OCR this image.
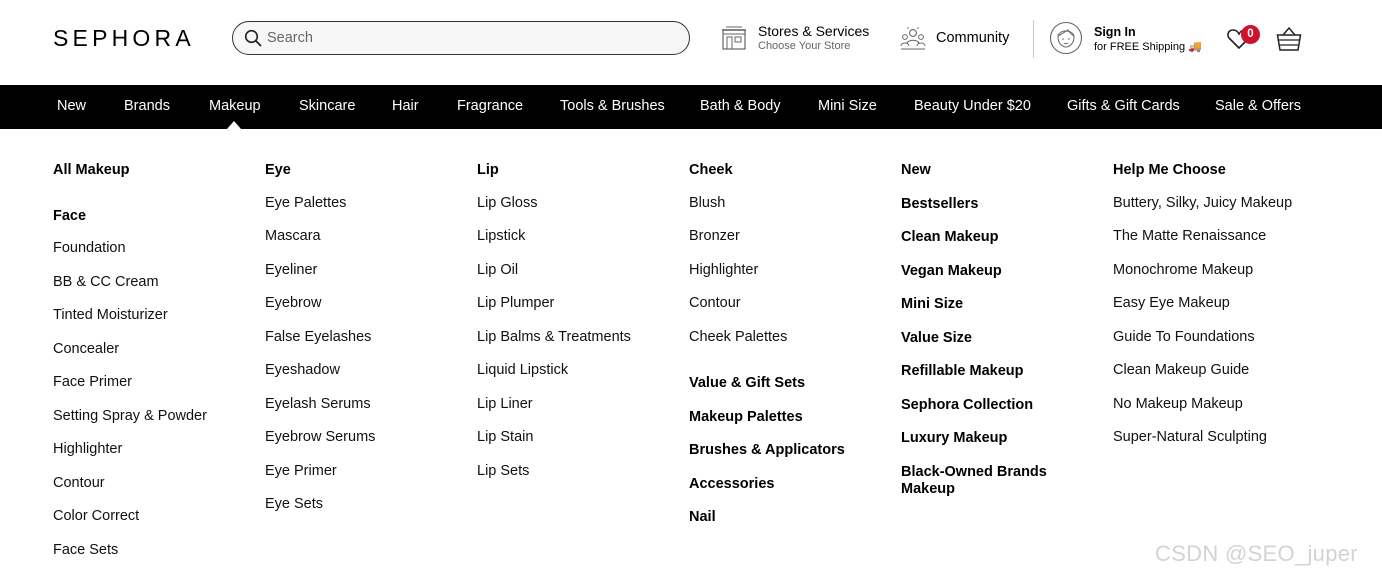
SEPHORA
Search	Stores & Services
Choose Your Store	Community	Sign In
for FREE Shipping 🚚
0
New	Brands	Makeup	Skincare	Hair	Fragrance	Tools & Brushes Bath & Body	Mini Size	Beauty Under $20 Gifts & Gift Cards Sale & Offers
All Makeup
Face
Foundation
BB & CC Cream
Tinted Moisturizer
Concealer
Face Primer
Setting Spray & Powder
Highlighter
Contour
Color Correct
Face Sets
Eye
Eye Palettes
Mascara
Eyeliner
Eyebrow
False Eyelashes
Eyeshadow
Eyelash Serums
Eyebrow Serums
Eye Primer
Eye Sets
Lip
Lip Gloss
Lipstick
Lip Oil
Lip Plumper
Lip Balms & Treatments
Liquid Lipstick
Lip Liner
Lip Stain
Lip Sets
Cheek
Blush
Bronzer
Highlighter
Contour
Cheek Palettes
Value & Gift Sets
Makeup Palettes
Brushes & Applicators
Accessories
Nail
New
Bestsellers
Clean Makeup
Vegan Makeup
Mini Size
Value Size
Refillable Makeup
Sephora Collection
Luxury Makeup
Black-Owned Brands
Makeup
Help Me Choose
Buttery, Silky, Juicy Makeup
The Matte Renaissance
Monochrome Makeup
Easy Eye Makeup
Guide To Foundations
Clean Makeup Guide
No Makeup Makeup
Super-Natural Sculpting
CSDN @SEO_juper
